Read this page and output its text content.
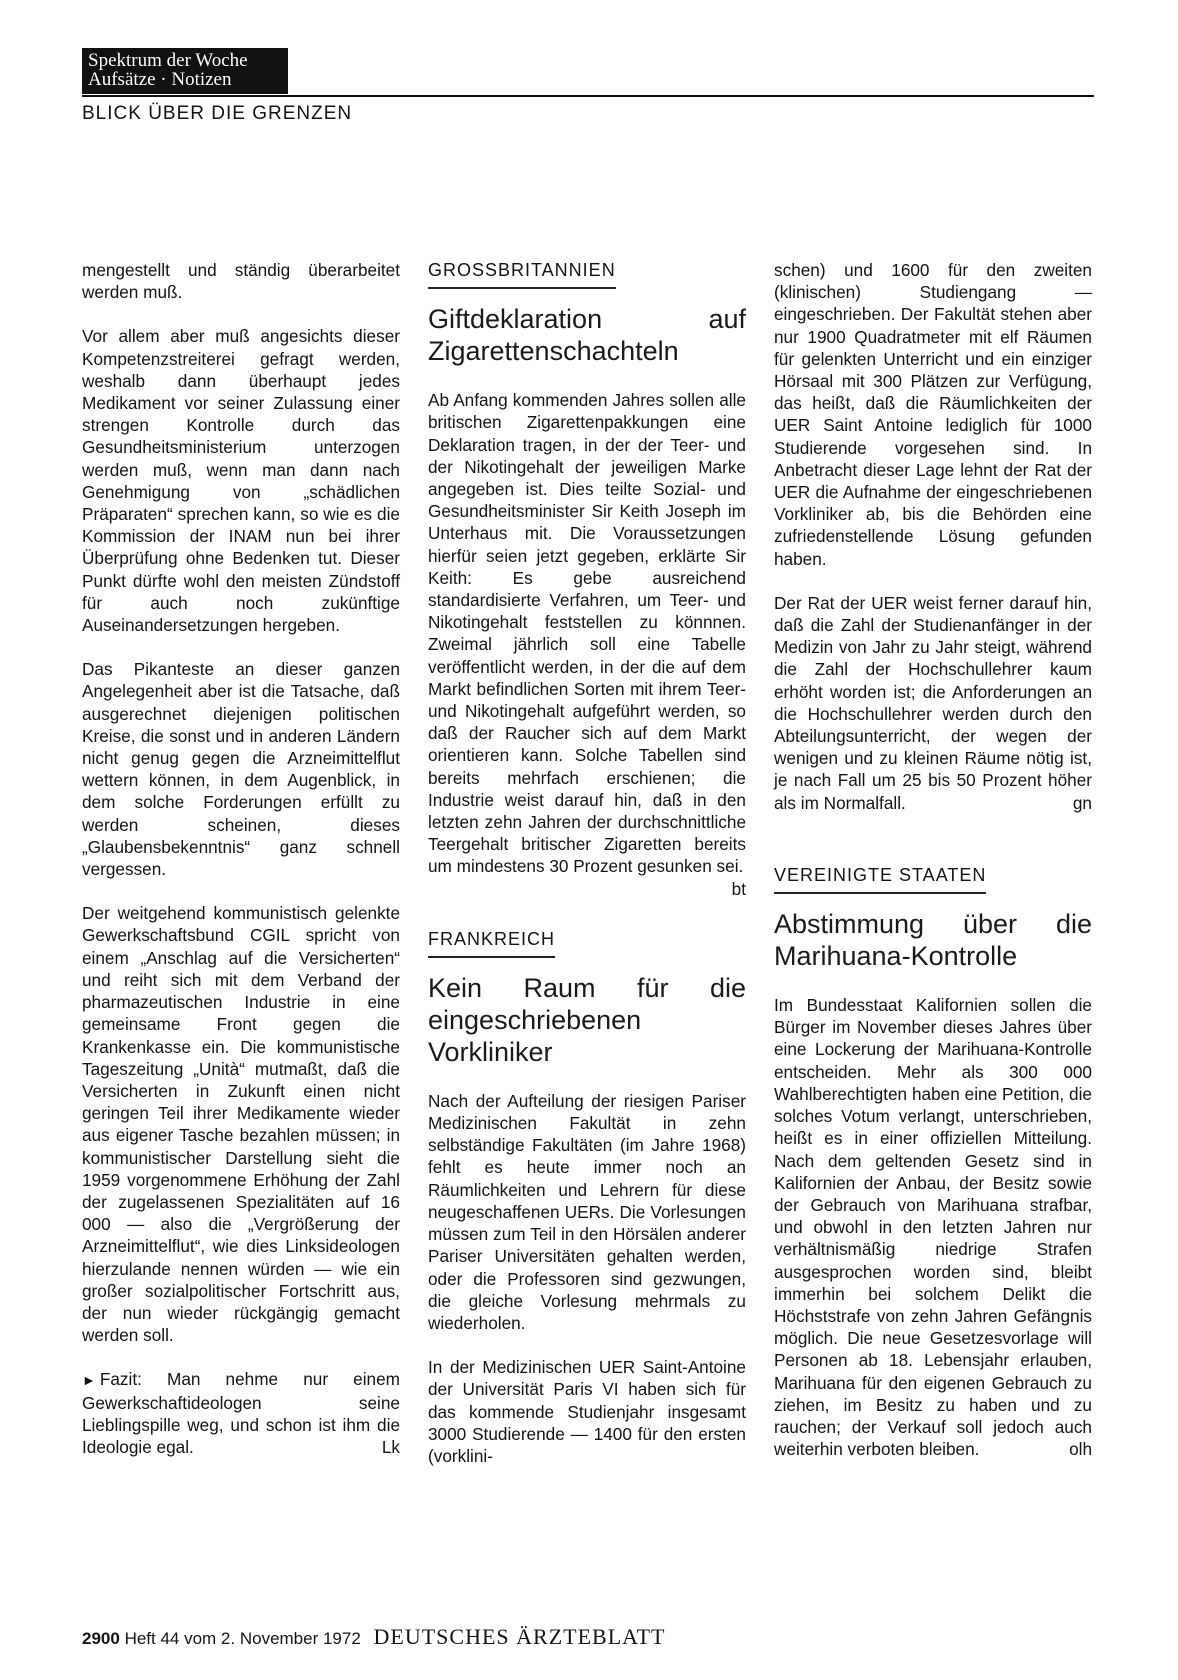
Spektrum der Woche
Aufsätze · Notizen
BLICK ÜBER DIE GRENZEN

mengestellt und ständig überarbeitet werden muß.

Vor allem aber muß angesichts dieser Kompetenzstreiterei gefragt werden, weshalb dann überhaupt jedes Medikament vor seiner Zulassung einer strengen Kontrolle durch das Gesundheitsministerium unterzogen werden muß, wenn man dann nach Genehmigung von „schädlichen Präparaten“ sprechen kann, so wie es die Kommission der INAM nun bei ihrer Überprüfung ohne Bedenken tut. Dieser Punkt dürfte wohl den meisten Zündstoff für auch noch zukünftige Auseinandersetzungen hergeben.

Das Pikanteste an dieser ganzen Angelegenheit aber ist die Tatsache, daß ausgerechnet diejenigen politischen Kreise, die sonst und in anderen Ländern nicht genug gegen die Arzneimittelflut wettern können, in dem Augenblick, in dem solche Forderungen erfüllt zu werden scheinen, dieses „Glaubensbekenntnis“ ganz schnell vergessen.

Der weitgehend kommunistisch gelenkte Gewerkschaftsbund CGIL spricht von einem „Anschlag auf die Versicherten“ und reiht sich mit dem Verband der pharmazeutischen Industrie in eine gemeinsame Front gegen die Krankenkasse ein. Die kommunistische Tageszeitung „Unità“ mutmaßt, daß die Versicherten in Zukunft einen nicht geringen Teil ihrer Medikamente wieder aus eigener Tasche bezahlen müssen; in kommunistischer Darstellung sieht die 1959 vorgenommene Erhöhung der Zahl der zugelassenen Spezialitäten auf 16 000 — also die „Vergrößerung der Arzneimittelflut“, wie dies Linksideologen hierzulande nennen würden — wie ein großer sozialpolitischer Fortschritt aus, der nun wieder rückgängig gemacht werden soll.

► Fazit: Man nehme nur einem Gewerkschaftideologen seine Lieblingspille weg, und schon ist ihm die Ideologie egal.	Lk

GROSSBRITANNIEN
Giftdeklaration auf Zigarettenschachteln

Ab Anfang kommenden Jahres sollen alle britischen Zigarettenpakkungen eine Deklaration tragen, in der der Teer- und der Nikotingehalt der jeweiligen Marke angegeben ist. Dies teilte Sozial- und Gesundheitsminister Sir Keith Joseph im Unterhaus mit. Die Voraussetzungen hierfür seien jetzt gegeben, erklärte Sir Keith: Es gebe ausreichend standardisierte Verfahren, um Teer- und Nikotingehalt feststellen zu könnnen. Zweimal jährlich soll eine Tabelle veröffentlicht werden, in der die auf dem Markt befindlichen Sorten mit ihrem Teer- und Nikotingehalt aufgeführt werden, so daß der Raucher sich auf dem Markt orientieren kann. Solche Tabellen sind bereits mehrfach erschienen; die Industrie weist darauf hin, daß in den letzten zehn Jahren der durchschnittliche Teergehalt britischer Zigaretten bereits um mindestens 30 Prozent gesunken sei.
bt

FRANKREICH
Kein Raum für die eingeschriebenen Vorkliniker

Nach der Aufteilung der riesigen Pariser Medizinischen Fakultät in zehn selbständige Fakultäten (im Jahre 1968) fehlt es heute immer noch an Räumlichkeiten und Lehrern für diese neugeschaffenen UERs. Die Vorlesungen müssen zum Teil in den Hörsälen anderer Pariser Universitäten gehalten werden, oder die Professoren sind gezwungen, die gleiche Vorlesung mehrmals zu wiederholen.

In der Medizinischen UER Saint-Antoine der Universität Paris VI haben sich für das kommende Studienjahr insgesamt 3000 Studierende — 1400 für den ersten (vorklini-

schen) und 1600 für den zweiten (klinischen) Studiengang — eingeschrieben. Der Fakultät stehen aber nur 1900 Quadratmeter mit elf Räumen für gelenkten Unterricht und ein einziger Hörsaal mit 300 Plätzen zur Verfügung, das heißt, daß die Räumlichkeiten der UER Saint Antoine lediglich für 1000 Studierende vorgesehen sind. In Anbetracht dieser Lage lehnt der Rat der UER die Aufnahme der eingeschriebenen Vorkliniker ab, bis die Behörden eine zufriedenstellende Lösung gefunden haben.

Der Rat der UER weist ferner darauf hin, daß die Zahl der Studienanfänger in der Medizin von Jahr zu Jahr steigt, während die Zahl der Hochschullehrer kaum erhöht worden ist; die Anforderungen an die Hochschullehrer werden durch den Abteilungsunterricht, der wegen der wenigen und zu kleinen Räume nötig ist, je nach Fall um 25 bis 50 Prozent höher als im Normalfall.	gn

VEREINIGTE STAATEN
Abstimmung über die Marihuana-Kontrolle

Im Bundesstaat Kalifornien sollen die Bürger im November dieses Jahres über eine Lockerung der Marihuana-Kontrolle entscheiden. Mehr als 300 000 Wahlberechtigten haben eine Petition, die solches Votum verlangt, unterschrieben, heißt es in einer offiziellen Mitteilung. Nach dem geltenden Gesetz sind in Kalifornien der Anbau, der Besitz sowie der Gebrauch von Marihuana strafbar, und obwohl in den letzten Jahren nur verhältnismäßig niedrige Strafen ausgesprochen worden sind, bleibt immerhin bei solchem Delikt die Höchststrafe von zehn Jahren Gefängnis möglich. Die neue Gesetzesvorlage will Personen ab 18. Lebensjahr erlauben, Marihuana für den eigenen Gebrauch zu ziehen, im Besitz zu haben und zu rauchen; der Verkauf soll jedoch auch weiterhin verboten bleiben.	olh

2900 Heft 44 vom 2. November 1972 DEUTSCHES ÄRZTEBLATT
